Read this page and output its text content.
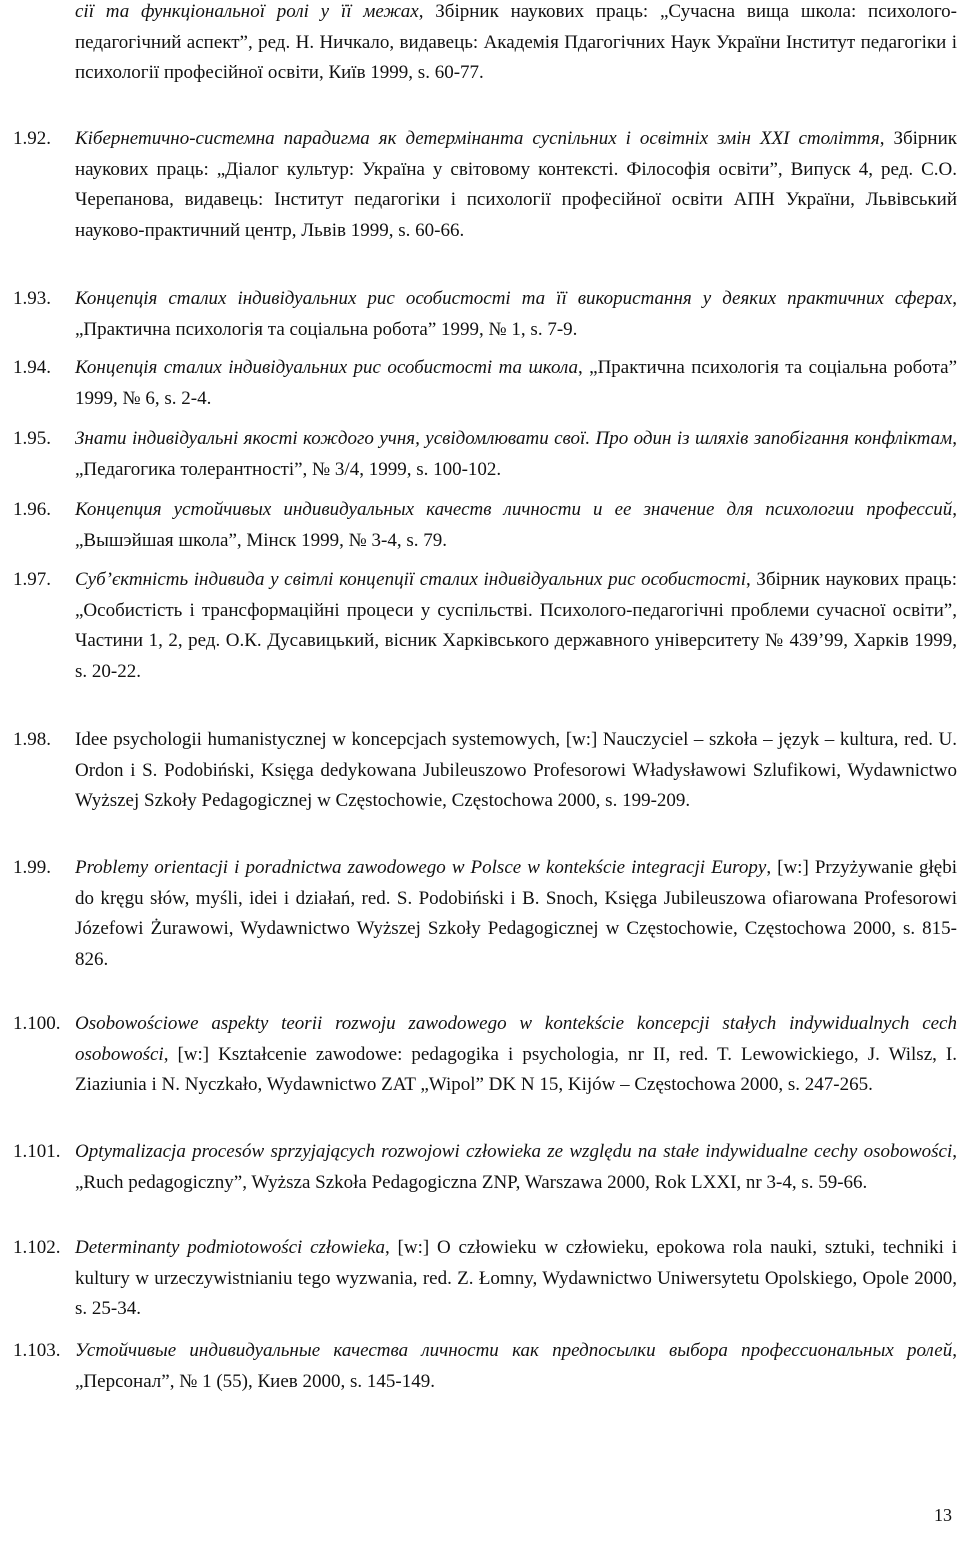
сії та функціональної ролі у її межах, Збірник наукових праць: „Сучасна вища школа: психолого-педагогічний аспект”, ред. Н. Ничкало, видавець: Академія Пдагогічних Наук України Інститут педагогіки і психології професійної освіти, Київ 1999, s. 60-77.
1.92. Кібернетично-системна парадигма як детермінанта суспільних і освітніх змін XXI століття, Збірник наукових праць: „Діалог культур: Україна у світовому контексті. Філософія освіти”, Випуск 4, ред. С.О. Черепанова, видавець: Інститут педагогіки і психології професійної освіти АПН України, Львівський науково-практичний центр, Львів 1999, s. 60-66.
1.93. Концепція сталих індивідуальних рис особистості та її використання у деяких практичних сферах, „Практична психологія та соціальна робота” 1999, № 1, s. 7-9.
1.94. Концепція сталих індивідуальних рис особистості та школа, „Практична психологія та соціальна робота” 1999, № 6, s. 2-4.
1.95. Знати індивідуальні якості кождого учня, усвідомлювати свої. Про один із шляхів запобігання конфліктам, „Педагогика толерантності”, № 3/4, 1999, s. 100-102.
1.96. Концепция устойчивых индивидуальных качеств личности и ее значение для психологии профессий, „Вышэйшая школа”, Мінск 1999, № 3-4, s. 79.
1.97. Суб’єктність індивида у світлі концепції сталих індивідуальних рис особистості, Збірник наукових праць: „Особистість і трансформаційні процеси у суспільстві. Психолого-педагогічні проблеми сучасної освіти”, Частини 1, 2, ред. О.К. Дусавицький, вісник Харківського державного університету № 439’99, Харків 1999, s. 20-22.
1.98. Idee psychologii humanistycznej w koncepcjach systemowych, [w:] Nauczyciel – szkoła – język – kultura, red. U. Ordon i S. Podobiński, Księga dedykowana Jubileuszowo Profesorowi Władysławowi Szlufikowi, Wydawnictwo Wyższej Szkoły Pedagogicznej w Częstochowie, Częstochowa 2000, s. 199-209.
1.99. Problemy orientacji i poradnictwa zawodowego w Polsce w kontekście integracji Europy, [w:] Przyżywanie głębi do kręgu słów, myśli, idei i działań, red. S. Podobiński i B. Snoch, Księga Jubileuszowa ofiarowana Profesorowi Józefowi Żurawowi, Wydawnictwo Wyższej Szkoły Pedagogicznej w Częstochowie, Częstochowa 2000, s. 815-826.
1.100. Osobowościowe aspekty teorii rozwoju zawodowego w kontekście koncepcji stałych indywidualnych cech osobowości, [w:] Kształcenie zawodowe: pedagogika i psychologia, nr II, red. T. Lewowickiego, J. Wilsz, I. Ziaziunia i N. Nyczkało, Wydawnictwo ZAT „Wipol” DK N 15, Kijów – Częstochowa 2000, s. 247-265.
1.101. Optymalizacja procesów sprzyjających rozwojowi człowieka ze względu na stałe indywidualne cechy osobowości, „Ruch pedagogiczny”, Wyższa Szkoła Pedagogiczna ZNP, Warszawa 2000, Rok LXXI, nr 3-4, s. 59-66.
1.102. Determinanty podmiotowości człowieka, [w:] O człowieku w człowieku, epokowa rola nauki, sztuki, techniki i kultury w urzeczywistnianiu tego wyzwania, red. Z. Łomny, Wydawnictwo Uniwersytetu Opolskiego, Opole 2000, s. 25-34.
1.103. Устойчивые индивидуальные качества личности как предпосылки выбора профессиональных ролей, „Персонал”, № 1 (55), Киев 2000, s. 145-149.
13
